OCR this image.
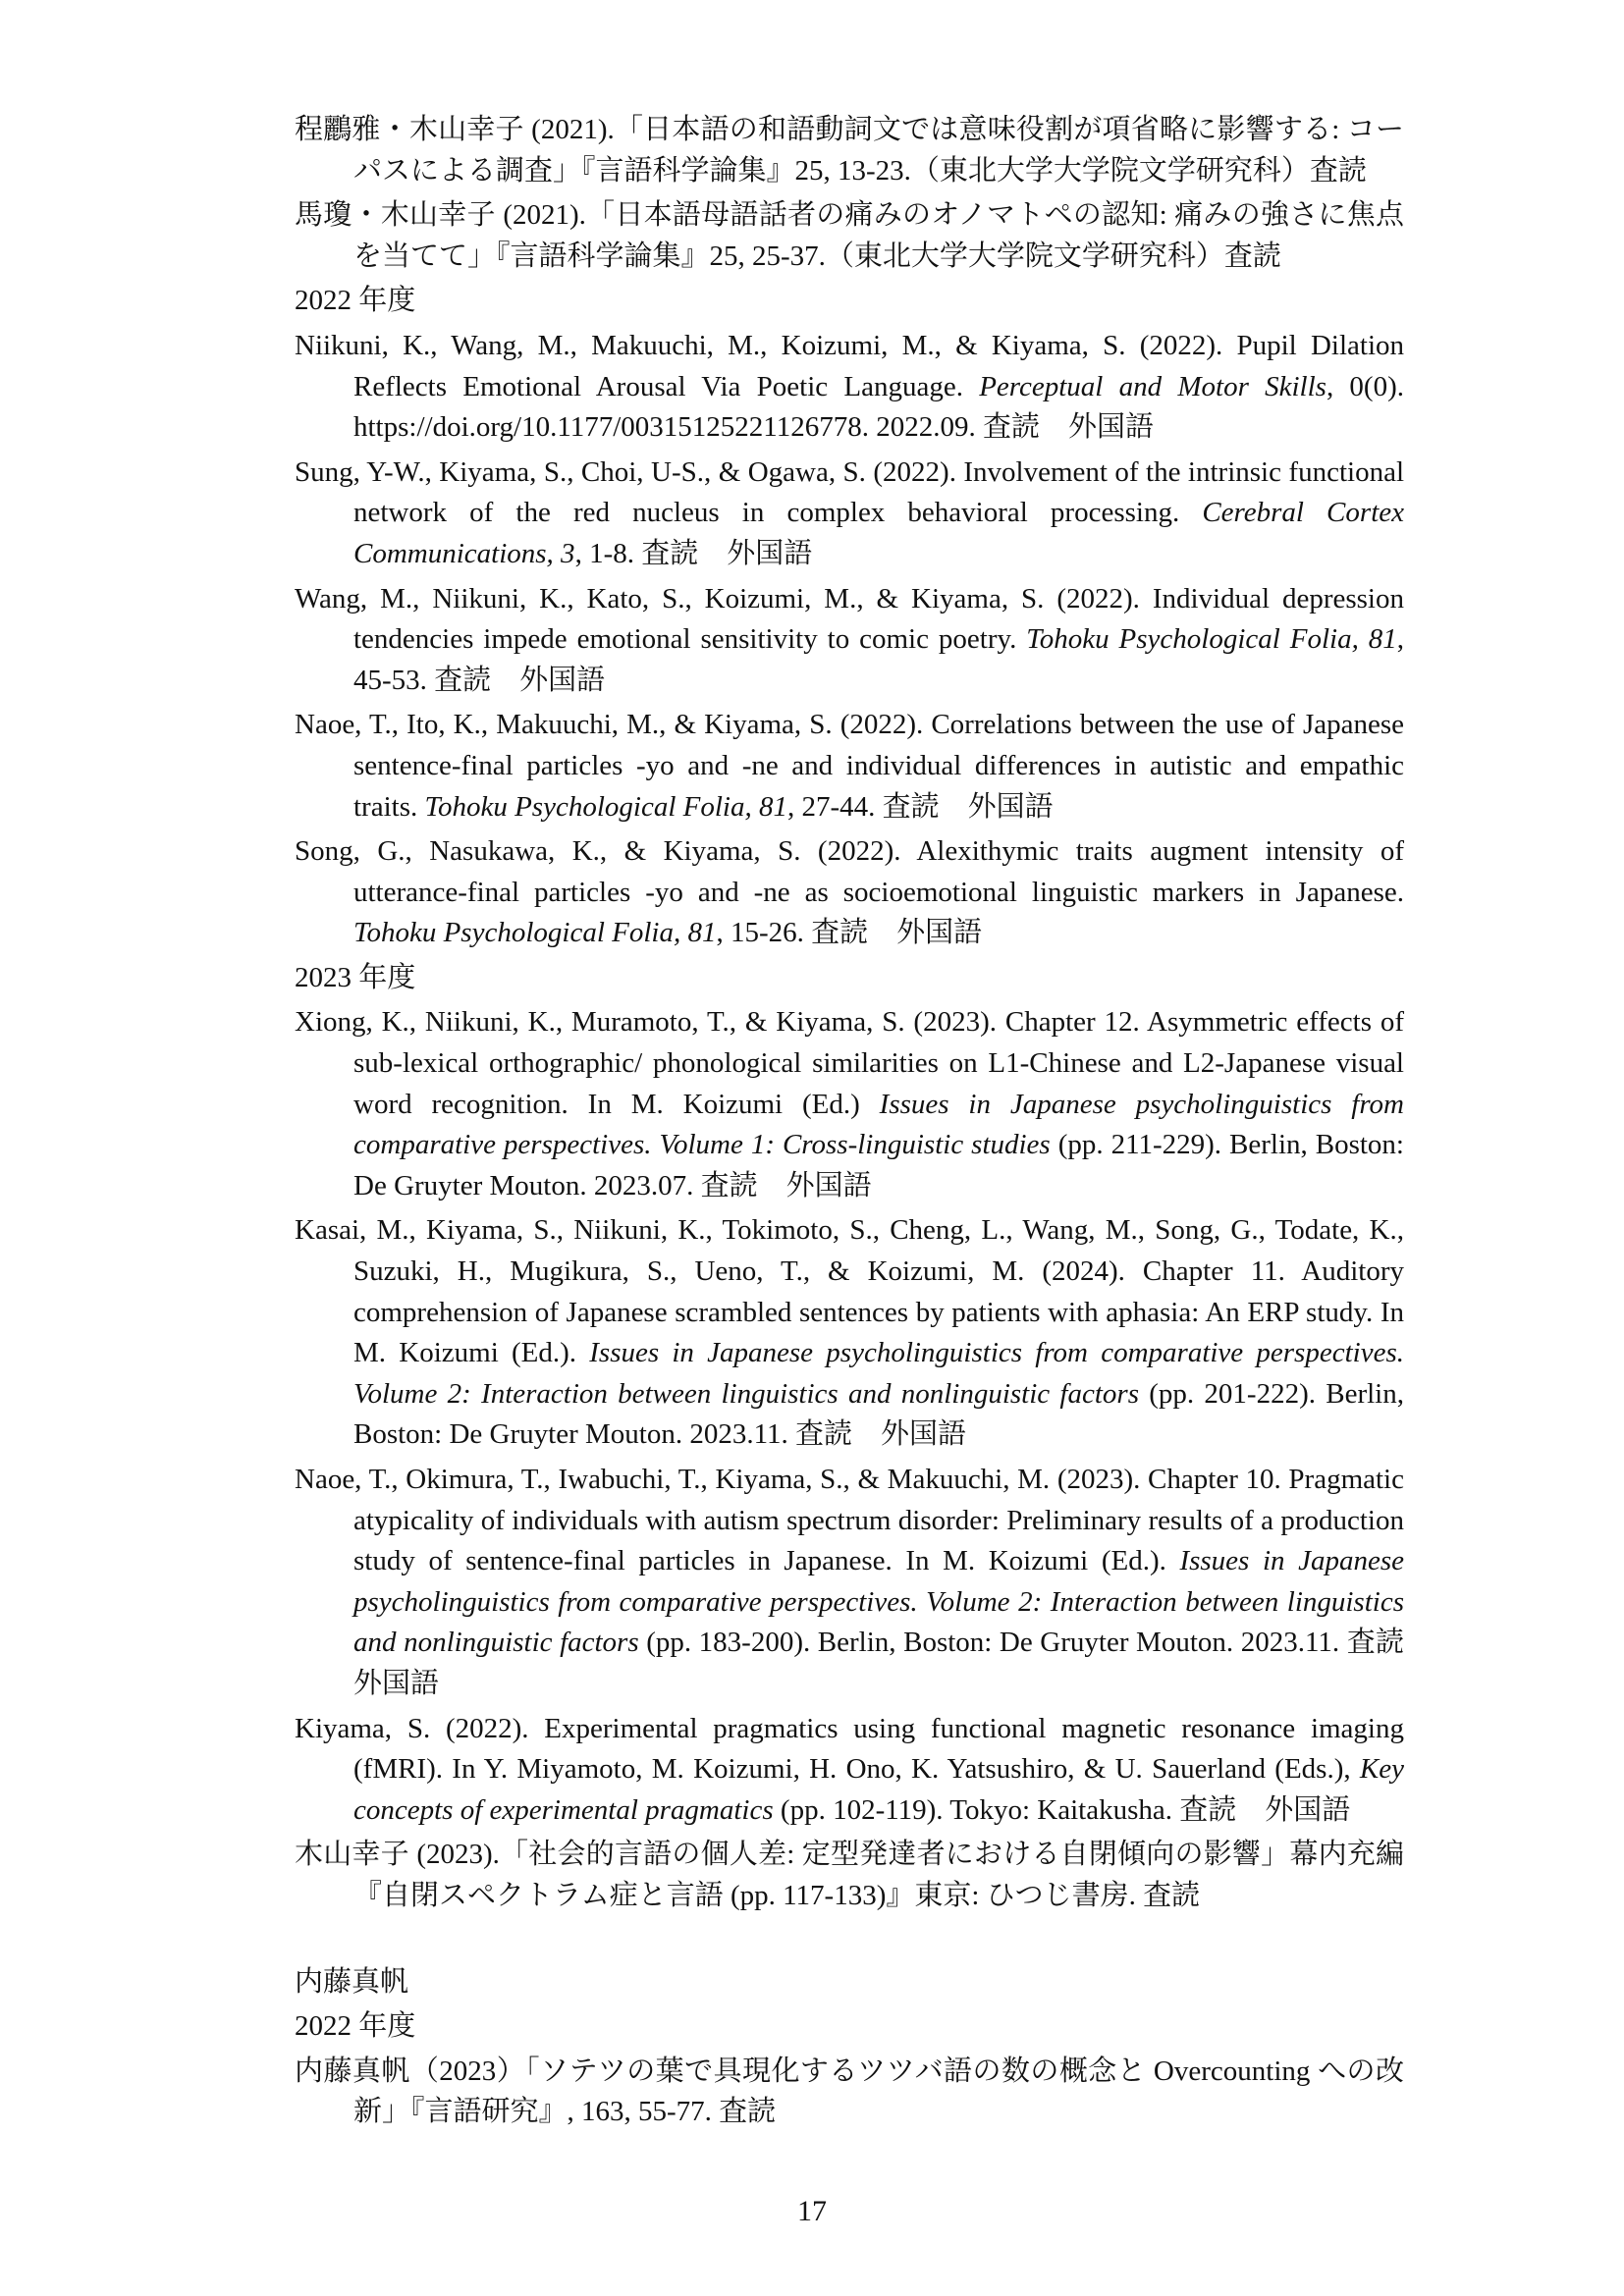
程鸝雅・木山幸子 (2021).「日本語の和語動詞文では意味役割が項省略に影響する: コーパスによる調査」『言語科学論集』25, 13-23.（東北大学大学院文学研究科）査読

馬瓊・木山幸子 (2021).「日本語母語話者の痛みのオノマトペの認知: 痛みの強さに焦点を当てて」『言語科学論集』25, 25-37.（東北大学大学院文学研究科）査読

2022 年度

Niikuni, K., Wang, M., Makuuchi, M., Koizumi, M., & Kiyama, S. (2022). Pupil Dilation Reflects Emotional Arousal Via Poetic Language. Perceptual and Motor Skills, 0(0). https://doi.org/10.1177/00315125221126778. 2022.09. 査読　外国語

Sung, Y-W., Kiyama, S., Choi, U-S., & Ogawa, S. (2022). Involvement of the intrinsic functional network of the red nucleus in complex behavioral processing. Cerebral Cortex Communications, 3, 1-8. 査読　外国語

Wang, M., Niikuni, K., Kato, S., Koizumi, M., & Kiyama, S. (2022). Individual depression tendencies impede emotional sensitivity to comic poetry. Tohoku Psychological Folia, 81, 45-53. 査読　外国語

Naoe, T., Ito, K., Makuuchi, M., & Kiyama, S. (2022). Correlations between the use of Japanese sentence-final particles -yo and -ne and individual differences in autistic and empathic traits. Tohoku Psychological Folia, 81, 27-44. 査読　外国語

Song, G., Nasukawa, K., & Kiyama, S. (2022). Alexithymic traits augment intensity of utterance-final particles -yo and -ne as socioemotional linguistic markers in Japanese. Tohoku Psychological Folia, 81, 15-26. 査読　外国語

2023 年度

Xiong, K., Niikuni, K., Muramoto, T., & Kiyama, S. (2023). Chapter 12. Asymmetric effects of sub-lexical orthographic/ phonological similarities on L1-Chinese and L2-Japanese visual word recognition. In M. Koizumi (Ed.) Issues in Japanese psycholinguistics from comparative perspectives. Volume 1: Cross-linguistic studies (pp. 211-229). Berlin, Boston: De Gruyter Mouton. 2023.07. 査読　外国語

Kasai, M., Kiyama, S., Niikuni, K., Tokimoto, S., Cheng, L., Wang, M., Song, G., Todate, K., Suzuki, H., Mugikura, S., Ueno, T., & Koizumi, M. (2024). Chapter 11. Auditory comprehension of Japanese scrambled sentences by patients with aphasia: An ERP study. In M. Koizumi (Ed.). Issues in Japanese psycholinguistics from comparative perspectives. Volume 2: Interaction between linguistics and nonlinguistic factors (pp. 201-222). Berlin, Boston: De Gruyter Mouton. 2023.11. 査読　外国語

Naoe, T., Okimura, T., Iwabuchi, T., Kiyama, S., & Makuuchi, M. (2023). Chapter 10. Pragmatic atypicality of individuals with autism spectrum disorder: Preliminary results of a production study of sentence-final particles in Japanese. In M. Koizumi (Ed.). Issues in Japanese psycholinguistics from comparative perspectives. Volume 2: Interaction between linguistics and nonlinguistic factors (pp. 183-200). Berlin, Boston: De Gruyter Mouton. 2023.11. 査読　外国語

Kiyama, S. (2022). Experimental pragmatics using functional magnetic resonance imaging (fMRI). In Y. Miyamoto, M. Koizumi, H. Ono, K. Yatsushiro, & U. Sauerland (Eds.), Key concepts of experimental pragmatics (pp. 102-119). Tokyo: Kaitakusha. 査読　外国語

木山幸子 (2023).「社会的言語の個人差: 定型発達者における自閉傾向の影響」幕内充編『自閉スペクトラム症と言語 (pp. 117-133)』東京: ひつじ書房. 査読

内藤真帆

2022 年度

内藤真帆（2023）「ソテツの葉で具現化するツツバ語の数の概念と Overcounting への改新」『言語研究』, 163, 55-77. 査読

17
